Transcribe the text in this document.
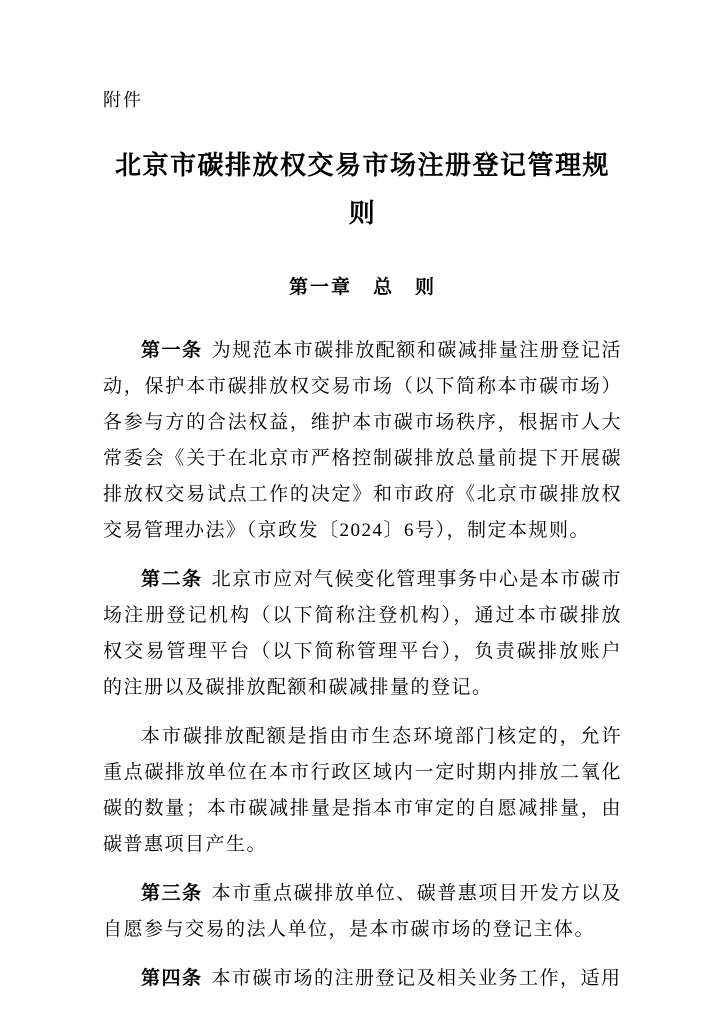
附件
北京市碳排放权交易市场注册登记管理规则
第一章　总　则

第一条 为规范本市碳排放配额和碳减排量注册登记活动，保护本市碳排放权交易市场（以下简称本市碳市场）各参与方的合法权益，维护本市碳市场秩序，根据市人大常委会《关于在北京市严格控制碳排放总量前提下开展碳排放权交易试点工作的决定》和市政府《北京市碳排放权交易管理办法》（京政发〔2024〕6号），制定本规则。

第二条 北京市应对气候变化管理事务中心是本市碳市场注册登记机构（以下简称注登机构），通过本市碳排放权交易管理平台（以下简称管理平台），负责碳排放账户的注册以及碳排放配额和碳减排量的登记。

本市碳排放配额是指由市生态环境部门核定的，允许重点碳排放单位在本市行政区域内一定时期内排放二氧化碳的数量；本市碳减排量是指本市审定的自愿减排量，由碳普惠项目产生。

第三条 本市重点碳排放单位、碳普惠项目开发方以及自愿参与交易的法人单位，是本市碳市场的登记主体。

第四条 本市碳市场的注册登记及相关业务工作，适用
